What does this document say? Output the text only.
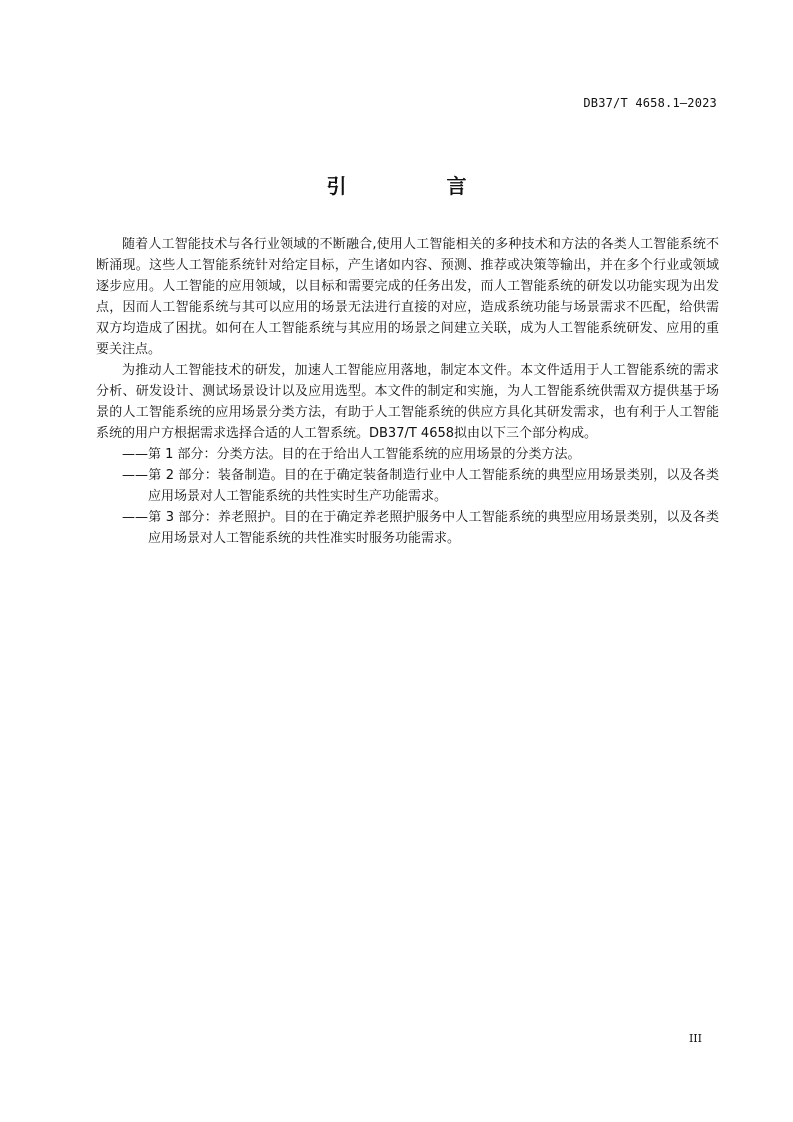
DB37/T 4658.1—2023
引　言

随着人工智能技术与各行业领域的不断融合,使用人工智能相关的多种技术和方法的各类人工智能系统不断涌现。这些人工智能系统针对给定目标，产生诸如内容、预测、推荐或决策等输出，并在多个行业或领域逐步应用。人工智能的应用领域，以目标和需要完成的任务出发，而人工智能系统的研发以功能实现为出发点，因而人工智能系统与其可以应用的场景无法进行直接的对应，造成系统功能与场景需求不匹配，给供需双方均造成了困扰。如何在人工智能系统与其应用的场景之间建立关联，成为人工智能系统研发、应用的重要关注点。

为推动人工智能技术的研发，加速人工智能应用落地，制定本文件。本文件适用于人工智能系统的需求分析、研发设计、测试场景设计以及应用选型。本文件的制定和实施，为人工智能系统供需双方提供基于场景的人工智能系统的应用场景分类方法，有助于人工智能系统的供应方具化其研发需求，也有利于人工智能系统的用户方根据需求选择合适的人工智系统。DB37/T 4658拟由以下三个部分构成。

——第 1 部分：分类方法。目的在于给出人工智能系统的应用场景的分类方法。

——第 2 部分：装备制造。目的在于确定装备制造行业中人工智能系统的典型应用场景类别，以及各类应用场景对人工智能系统的共性实时生产功能需求。

——第 3 部分：养老照护。目的在于确定养老照护服务中人工智能系统的典型应用场景类别，以及各类应用场景对人工智能系统的共性准实时服务功能需求。

III
